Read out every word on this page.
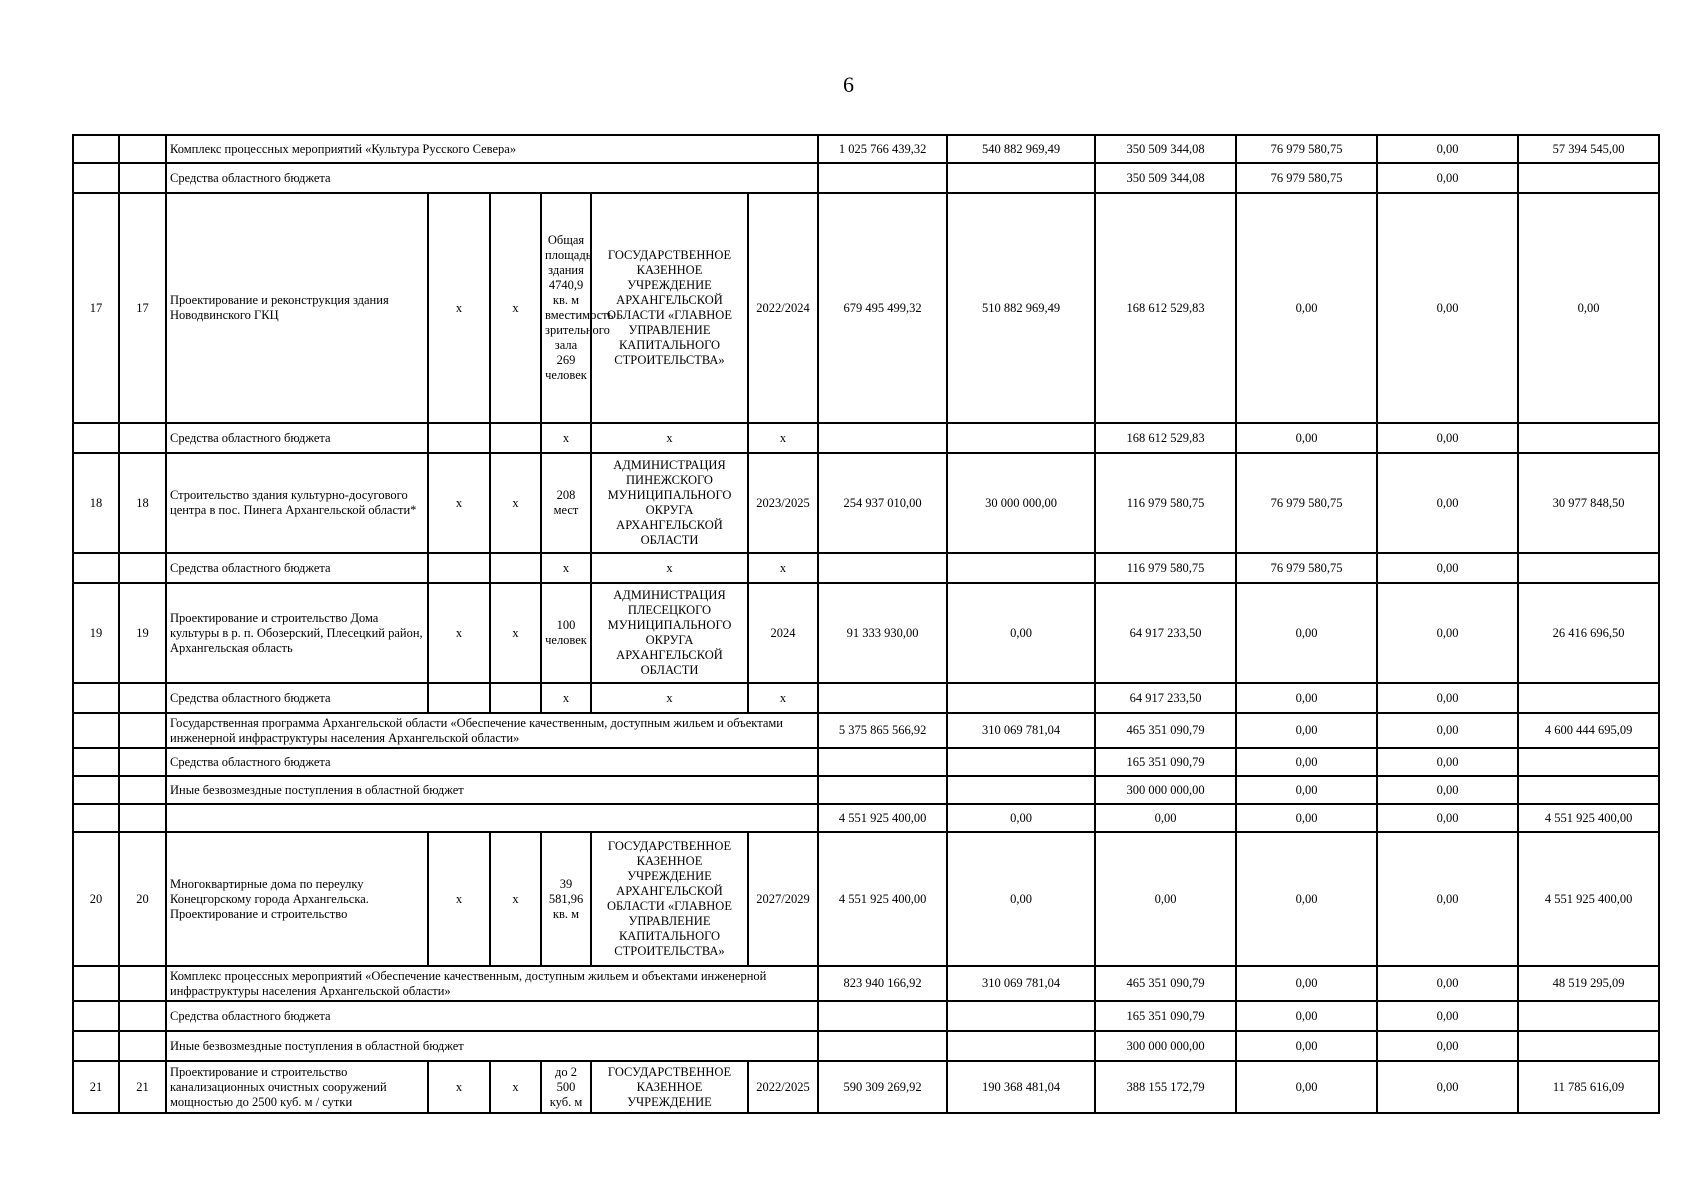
6
		Комплекс процессных мероприятий «Культура Русского Севера»						1 025 766 439,32	540 882 969,49	350 509 344,08	76 979 580,75	0,00	57 394 545,00
		Средства областного бюджета								350 509 344,08	76 979 580,75	0,00	
17	17	Проектирование и реконструкция здания Новодвинского ГКЦ	x	x	Общая площадь здания 4740,9 кв. м вместимость зрительного зала 269 человек	ГОСУДАРСТВЕННОЕ КАЗЕННОЕ УЧРЕЖДЕНИЕ АРХАНГЕЛЬСКОЙ ОБЛАСТИ «ГЛАВНОЕ УПРАВЛЕНИЕ КАПИТАЛЬНОГО СТРОИТЕЛЬСТВА»	2022/2024	679 495 499,32	510 882 969,49	168 612 529,83	0,00	0,00	0,00
		Средства областного бюджета			x	x	x			168 612 529,83	0,00	0,00	
18	18	Строительство здания культурно-досугового центра в пос. Пинега Архангельской области*	x	x	208 мест	АДМИНИСТРАЦИЯ ПИНЕЖСКОГО МУНИЦИПАЛЬНОГО ОКРУГА АРХАНГЕЛЬСКОЙ ОБЛАСТИ	2023/2025	254 937 010,00	30 000 000,00	116 979 580,75	76 979 580,75	0,00	30 977 848,50
		Средства областного бюджета			x	x	x			116 979 580,75	76 979 580,75	0,00	
19	19	Проектирование и строительство Дома культуры в р. п. Обозерский, Плесецкий район, Архангельская область	x	x	100 человек	АДМИНИСТРАЦИЯ ПЛЕСЕЦКОГО МУНИЦИПАЛЬНОГО ОКРУГА АРХАНГЕЛЬСКОЙ ОБЛАСТИ	2024	91 333 930,00	0,00	64 917 233,50	0,00	0,00	26 416 696,50
		Средства областного бюджета			x	x	x			64 917 233,50	0,00	0,00	
		Государственная программа Архангельской области «Обеспечение качественным, доступным жильем и объектами инженерной инфраструктуры населения Архангельской области»						5 375 865 566,92	310 069 781,04	465 351 090,79	0,00	0,00	4 600 444 695,09
		Средства областного бюджета								165 351 090,79	0,00	0,00	
		Иные безвозмездные поступления в областной бюджет								300 000 000,00	0,00	0,00	
								4 551 925 400,00	0,00	0,00	0,00	0,00	4 551 925 400,00
20	20	Многоквартирные дома по переулку Конецгорскому города Архангельска. Проектирование и строительство	x	x	39 581,96 кв. м	ГОСУДАРСТВЕННОЕ КАЗЕННОЕ УЧРЕЖДЕНИЕ АРХАНГЕЛЬСКОЙ ОБЛАСТИ «ГЛАВНОЕ УПРАВЛЕНИЕ КАПИТАЛЬНОГО СТРОИТЕЛЬСТВА»	2027/2029	4 551 925 400,00	0,00	0,00	0,00	0,00	4 551 925 400,00
		Комплекс процессных мероприятий «Обеспечение качественным, доступным жильем и объектами инженерной инфраструктуры населения Архангельской области»						823 940 166,92	310 069 781,04	465 351 090,79	0,00	0,00	48 519 295,09
		Средства областного бюджета								165 351 090,79	0,00	0,00	
		Иные безвозмездные поступления в областной бюджет								300 000 000,00	0,00	0,00	
21	21	Проектирование и строительство канализационных очистных сооружений мощностью до 2500 куб. м / сутки	x	x	до 2 500 куб. м	ГОСУДАРСТВЕННОЕ КАЗЕННОЕ УЧРЕЖДЕНИЕ	2022/2025	590 309 269,92	190 368 481,04	388 155 172,79	0,00	0,00	11 785 616,09
